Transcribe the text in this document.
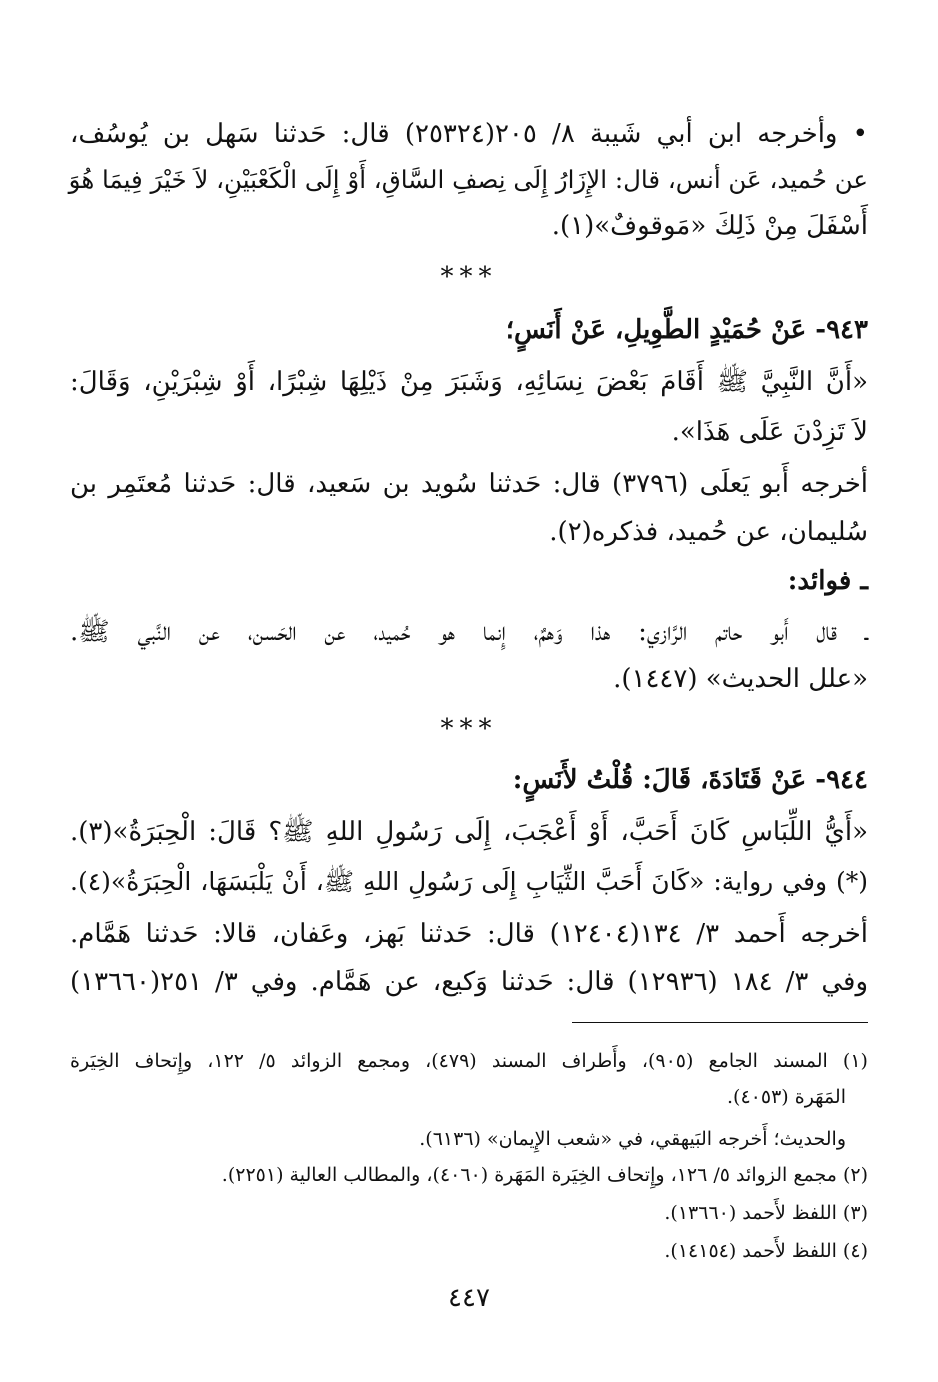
• وأخرجه ابن أبي شَيبة ٨/ ٢٠٥(٢٥٣٢٤) قال: حَدثنا سَهل بن يُوسُف،
عن حُميد، عَن أنس، قال: الإِزَارُ إِلَى نِصفِ السَّاقِ، أَوْ إِلَى الْكَعْبَيْنِ، لاَ خَيْرَ فِيمَا هُوَ
أَسْفَلَ مِنْ ذَلِكَ «مَوقوفٌ»(١).
***
٩٤٣- عَنْ حُمَيْدٍ الطَّوِيلِ، عَنْ أَنَسٍ؛
«أَنَّ النَّبِيَّ ﷺ أَقَامَ بَعْضَ نِسَائِهِ، وَشَبَرَ مِنْ ذَيْلِهَا شِبْرًا، أَوْ شِبْرَيْنِ، وَقَالَ:
لاَ تَزِدْنَ عَلَى هَذَا».
أخرجه أَبو يَعلَى (٣٧٩٦) قال: حَدثنا سُويد بن سَعيد، قال: حَدثنا مُعتَمِر بن
سُليمان، عن حُميد، فذكره(٢).
ـ فوائد:
ـ قال أَبو حاتم الرَّازي: هذا وَهمٌ، إِنما هو حُميد، عن الحَسن، عن النَّبي ﷺ.
«علل الحديث» (١٤٤٧).
***
٩٤٤- عَنْ قَتَادَةَ، قَالَ: قُلْتُ لأَنَسٍ:
«أَيُّ اللِّبَاسِ كَانَ أَحَبَّ، أَوْ أَعْجَبَ، إِلَى رَسُولِ اللهِ ﷺ؟ قَالَ: الْحِبَرَةُ»(٣).
(*) وفي رواية: «كَانَ أَحَبَّ الثِّيَابِ إِلَى رَسُولِ اللهِ ﷺ، أَنْ يَلْبَسَهَا، الْحِبَرَةُ»(٤).
أخرجه أَحمد ٣/ ١٣٤(١٢٤٠٤) قال: حَدثنا بَهز، وعَفان، قالا: حَدثنا هَمَّام.
وفي ٣/ ١٨٤ (١٢٩٣٦) قال: حَدثنا وَكيع، عن هَمَّام. وفي ٣/ ٢٥١(١٣٦٦٠)
(١) المسند الجامع (٩٠٥)، وأَطراف المسند (٤٧٩)، ومجمع الزوائد ٥/ ١٢٢، وإِتحاف الخِيَرة
المَهَرة (٤٠٥٣).
والحديث؛ أَخرجه البَيهقي، في «شعب الإِيمان» (٦١٣٦).
(٢) مجمع الزوائد ٥/ ١٢٦، وإِتحاف الخِيَرة المَهَرة (٤٠٦٠)، والمطالب العالية (٢٢٥١).
(٣) اللفظ لأَحمد (١٣٦٦٠).
(٤) اللفظ لأَحمد (١٤١٥٤).
٤٤٧
